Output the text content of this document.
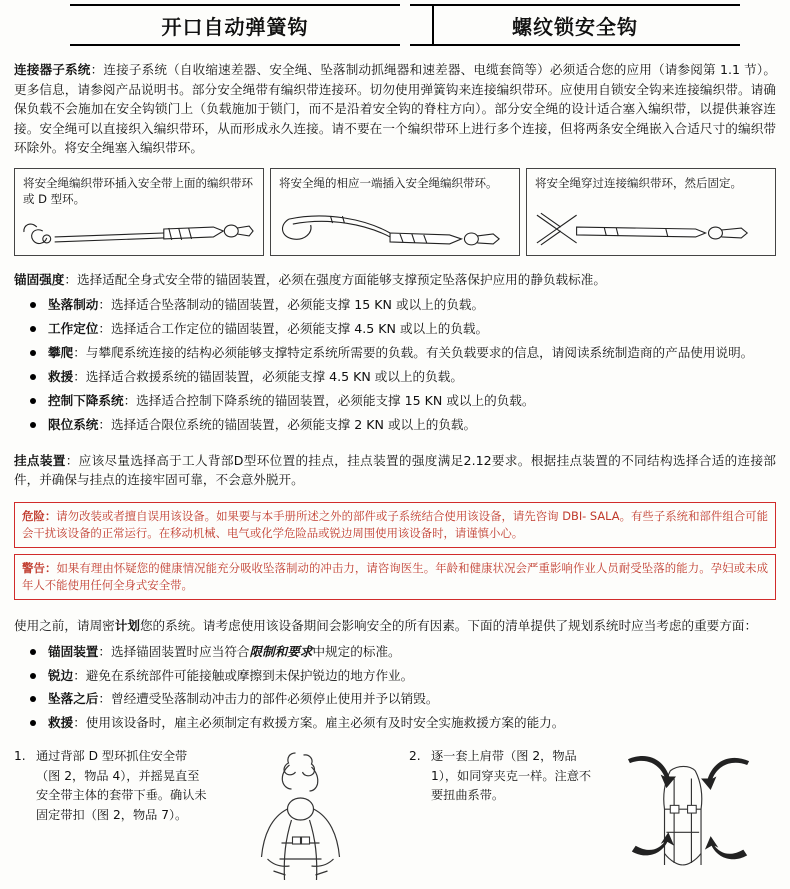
开口自动弹簧钩	螺纹锁安全钩
连接器子系统：连接子系统（自收缩速差器、安全绳、坠落制动抓绳器和速差器、电缆套筒等）必须适合您的应用（请参阅第 1.1 节）。更多信息，请参阅产品说明书。部分安全绳带有编织带连接环。切勿使用弹簧钩来连接编织带环。应使用自锁安全钩来连接编织带。请确保负载不会施加在安全钩锁门上（负载施加于锁门，而不是沿着安全钩的脊柱方向）。部分安全绳的设计适合塞入编织带，以提供兼容连接。安全绳可以直接织入编织带环，从而形成永久连接。请不要在一个编织带环上进行多个连接，但将两条安全绳嵌入合适尺寸的编织带环除外。将安全绳塞入编织带环。
将安全绳编织带环插入安全带上面的编织带环或 D 型环。
将安全绳的相应一端插入安全绳编织带环。	将安全绳穿过连接编织带环，然后固定。
锚固强度：选择适配全身式安全带的锚固装置，必须在强度方面能够支撑预定坠落保护应用的静负载标准。
坠落制动：选择适合坠落制动的锚固装置，必须能支撑 15 KN 或以上的负载。
工作定位：选择适合工作定位的锚固装置，必须能支撑 4.5 KN 或以上的负载。
攀爬：与攀爬系统连接的结构必须能够支撑特定系统所需要的负载。有关负载要求的信息，请阅读系统制造商的产品使用说明。
救援：选择适合救援系统的锚固装置，必须能支撑 4.5 KN 或以上的负载。
控制下降系统：选择适合控制下降系统的锚固装置，必须能支撑 15 KN 或以上的负载。
限位系统：选择适合限位系统的锚固装置，必须能支撑 2 KN 或以上的负载。
挂点装置：应该尽量选择高于工人背部D型环位置的挂点，挂点装置的强度满足2.12要求。根据挂点装置的不同结构选择合适的连接部件，并确保与挂点的连接牢固可靠，不会意外脱开。
危险：请勿改装或者擅自误用该设备。如果要与本手册所述之外的部件或子系统结合使用该设备，请先咨询 DBI- SALA。有些子系统和部件组合可能会干扰该设备的正常运行。在移动机械、电气或化学危险品或锐边周围使用该设备时，请谨慎小心。
警告：如果有理由怀疑您的健康情况能充分吸收坠落制动的冲击力，请咨询医生。年龄和健康状况会严重影响作业人员耐受坠落的能力。孕妇或未成年人不能使用任何全身式安全带。
使用之前，请周密计划您的系统。请考虑使用该设备期间会影响安全的所有因素。下面的清单提供了规划系统时应当考虑的重要方面：
锚固装置：选择锚固装置时应当符合限制和要求中规定的标准。
锐边：避免在系统部件可能接触或摩擦到未保护锐边的地方作业。
坠落之后：曾经遭受坠落制动冲击力的部件必须停止使用并予以销毁。
救援：使用该设备时，雇主必须制定有救援方案。雇主必须有及时安全实施救援方案的能力。
1. 通过背部 D 型环抓住安全带（图 2，物品 4），并摇晃直至安全带主体的套带下垂。确认未固定带扣（图 2，物品 7）。
2. 逐一套上肩带（图 2，物品 1），如同穿夹克一样。注意不要扭曲系带。
